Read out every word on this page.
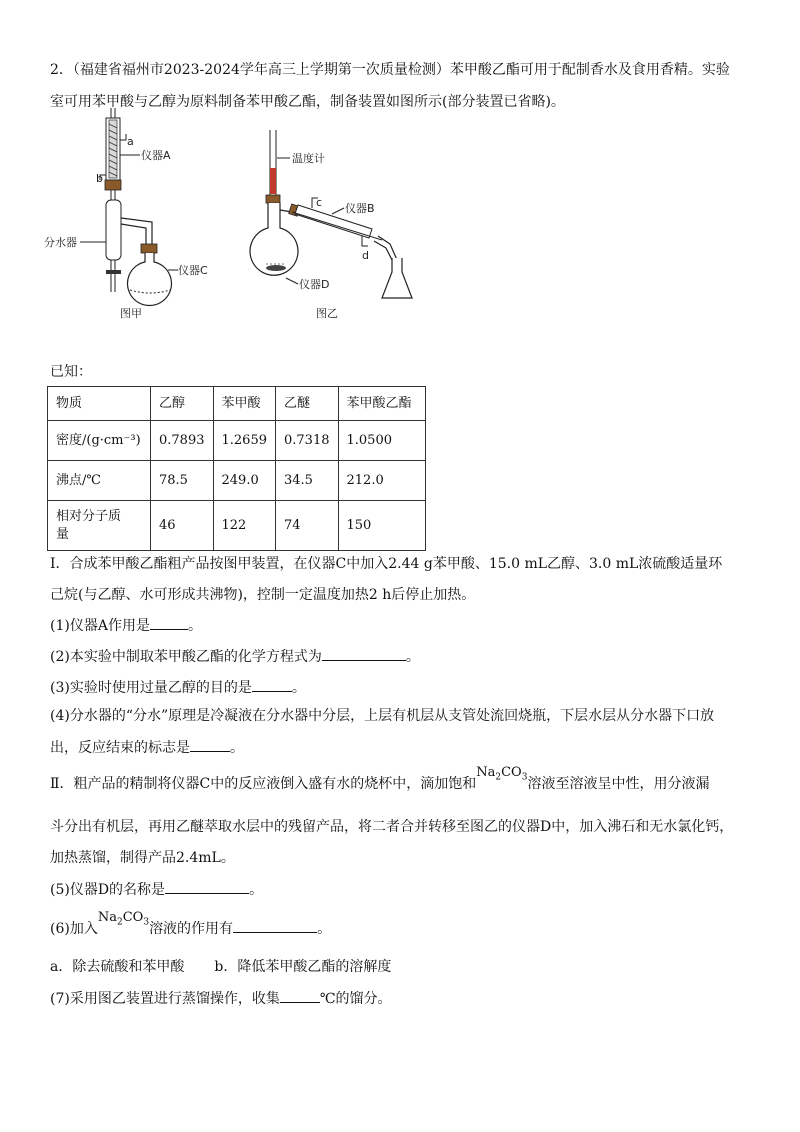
2．（福建省福州市2023-2024学年高三上学期第一次质量检测）苯甲酸乙酯可用于配制香水及食用香精。实验
室可用苯甲酸与乙醇为原料制备苯甲酸乙酯，制备装置如图所示(部分装置已省略)。
a
仪器A
b
分水器
仪器C
图甲
温度计
仪器D
c 仪器B
d
图乙
已知：
物质	乙醇	苯甲酸	乙醚	苯甲酸乙酯
密度/(g·cm⁻³)	0.7893	1.2659	0.7318	1.0500
沸点/℃	78.5	249.0	34.5	212.0
相对分子质
量	46	122	74	150
Ⅰ．合成苯甲酸乙酯粗产品按图甲装置，在仪器C中加入2.44 g苯甲酸、15.0 mL乙醇、3.0 mL浓硫酸适量环
己烷(与乙醇、水可形成共沸物)，控制一定温度加热2 h后停止加热。
(1)仪器A作用是	。
(2)本实验中制取苯甲酸乙酯的化学方程式为	。
(3)实验时使用过量乙醇的目的是	。
(4)分水器的“分水”原理是冷凝液在分水器中分层，上层有机层从支管处流回烧瓶，下层水层从分水器下口放
出，反应结束的标志是	。
Ⅱ．粗产品的精制将仪器C中的反应液倒入盛有水的烧杯中，滴加饱和$Na_2CO_3$溶液至溶液呈中性，用分液漏
斗分出有机层，再用乙醚萃取水层中的残留产品，将二者合并转移至图乙的仪器D中，加入沸石和无水氯化钙，
加热蒸馏，制得产品2.4mL。
(5)仪器D的名称是	。
(6)加入$Na_2CO_3$溶液的作用有	。
a．除去硫酸和苯甲酸 b．降低苯甲酸乙酯的溶解度
(7)采用图乙装置进行蒸馏操作，收集	℃的馏分。
